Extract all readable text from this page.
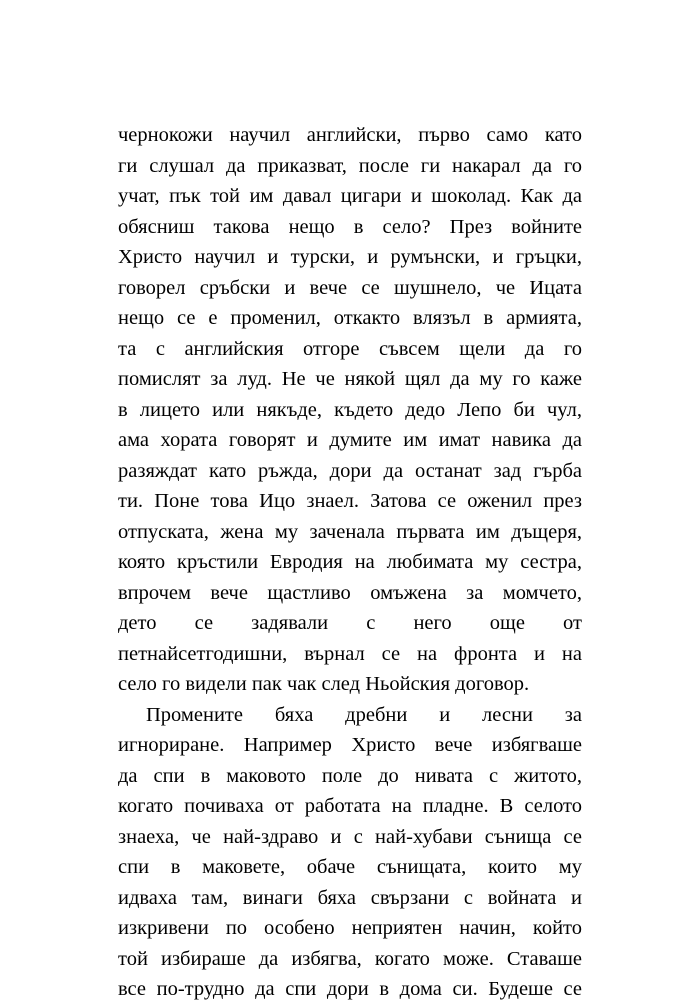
чернокожи научил английски, първо само като
ги слушал да приказват, после ги накарал да го
учат, пък той им давал цигари и шоколад. Как да
обясниш такова нещо в село? През войните
Христо научил и турски, и румънски, и гръцки,
говорел сръбски и вече се шушнело, че Ицата
нещо се е променил, откакто влязъл в армията,
та с английския отгоре съвсем щели да го
помислят за луд. Не че някой щял да му го каже
в лицето или някъде, където дедо Лепо би чул,
ама хората говорят и думите им имат навика да
разяждат като ръжда, дори да останат зад гърба
ти. Поне това Ицо знаел. Затова се оженил през
отпуската, жена му заченала първата им дъщеря,
която кръстили Евродия на любимата му сестра,
впрочем вече щастливо омъжена за момчето,
дето се задявали с него още от
петнайсетгодишни, върнал се на фронта и на
село го видели пак чак след Ньойския договор.
Промените бяха дребни и лесни за
игнориране. Например Христо вече избягваше
да спи в маковото поле до нивата с житото,
когато почиваха от работата на пладне. В селото
знаеха, че най-здраво и с най-хубави сънища се
спи в маковете, обаче сънищата, които му
идваха там, винаги бяха свързани с войната и
изкривени по особено неприятен начин, който
той избираше да избягва, когато може. Ставаше
все по-трудно да спи дори в дома си. Будеше се
